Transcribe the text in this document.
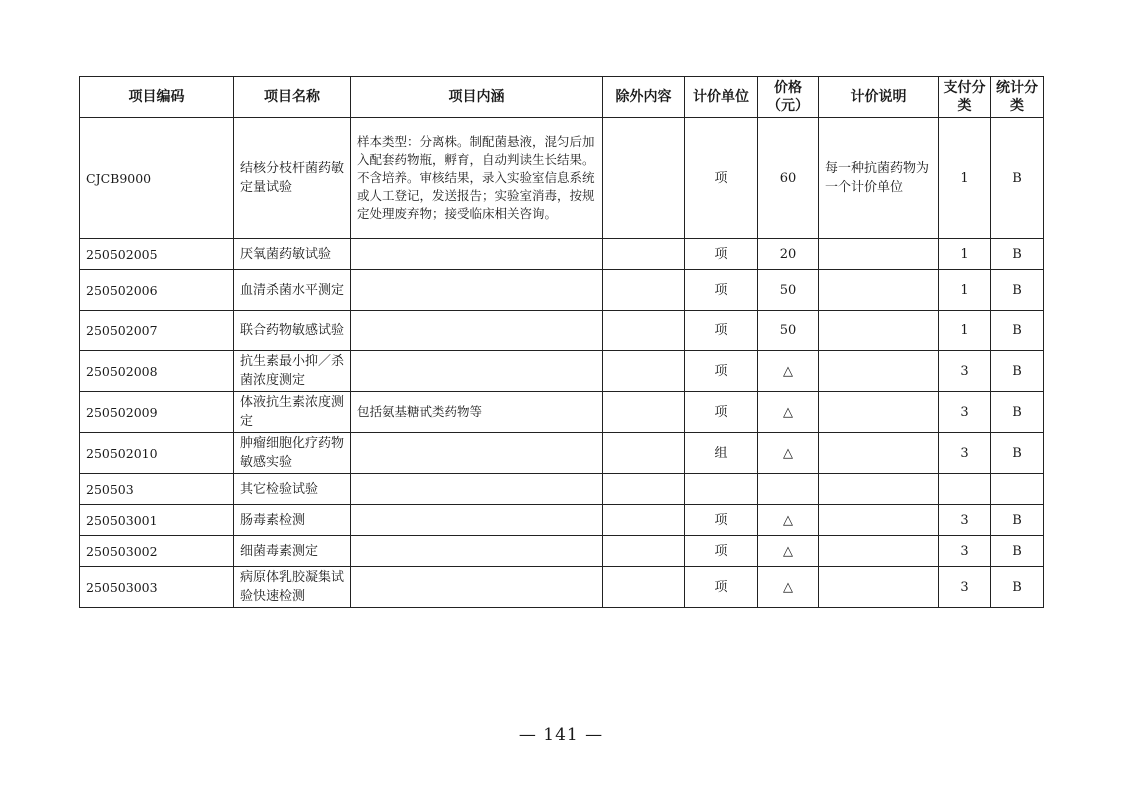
项目编码	项目名称	项目内涵	除外内容	计价单位	价格（元）	计价说明	支付分类	统计分类
CJCB9000	结核分枝杆菌药敏定量试验	样本类型：分离株。制配菌悬液，混匀后加入配套药物瓶，孵育，自动判读生长结果。不含培养。审核结果，录入实验室信息系统或人工登记，发送报告；实验室消毒，按规定处理废弃物；接受临床相关咨询。		项	60	每一种抗菌药物为一个计价单位	1	B
250502005	厌氧菌药敏试验			项	20		1	B
250502006	血清杀菌水平测定			项	50		1	B
250502007	联合药物敏感试验			项	50		1	B
250502008	抗生素最小抑／杀菌浓度测定			项	△		3	B
250502009	体液抗生素浓度测定	包括氨基糖甙类药物等		项	△		3	B
250502010	肿瘤细胞化疗药物敏感实验			组	△		3	B
250503	其它检验试验							
250503001	肠毒素检测			项	△		3	B
250503002	细菌毒素测定			项	△		3	B
250503003	病原体乳胶凝集试验快速检测			项	△		3	B
— 141 —
